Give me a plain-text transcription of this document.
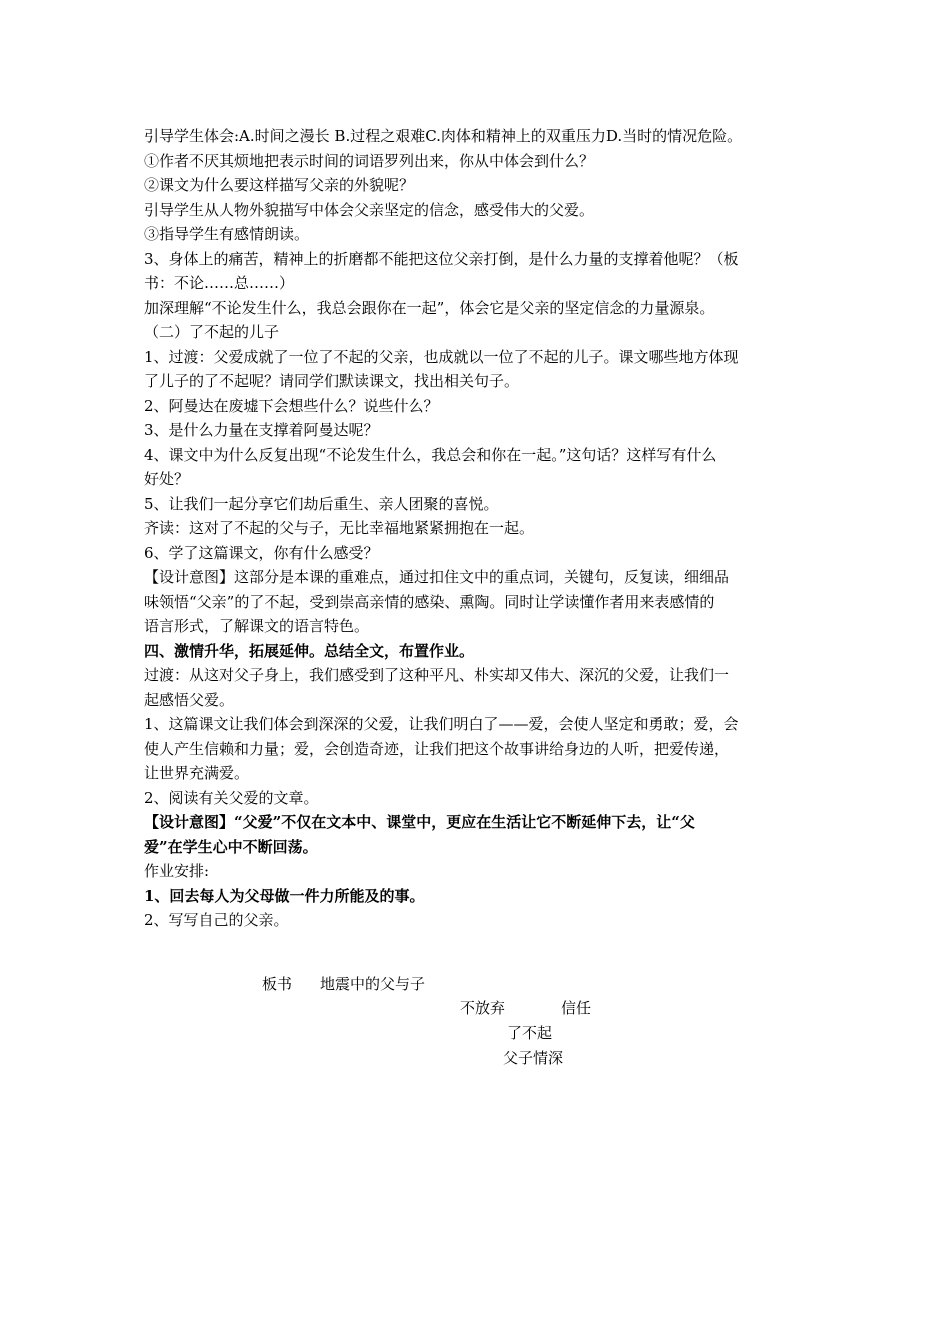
引导学生体会:A.时间之漫长 B.过程之艰难C.肉体和精神上的双重压力D.当时的情况危险。
①作者不厌其烦地把表示时间的词语罗列出来，你从中体会到什么？
②课文为什么要这样描写父亲的外貌呢？
引导学生从人物外貌描写中体会父亲坚定的信念，感受伟大的父爱。
③指导学生有感情朗读。
3、身体上的痛苦，精神上的折磨都不能把这位父亲打倒，是什么力量的支撑着他呢？（板
书：不论……总……）
加深理解“不论发生什么，我总会跟你在一起”，体会它是父亲的坚定信念的力量源泉。
（二）了不起的儿子
1、过渡：父爱成就了一位了不起的父亲，也成就以一位了不起的儿子。课文哪些地方体现
了儿子的了不起呢？请同学们默读课文，找出相关句子。
2、阿曼达在废墟下会想些什么？说些什么？
3、是什么力量在支撑着阿曼达呢？
4、课文中为什么反复出现“不论发生什么，我总会和你在一起。”这句话？这样写有什么
好处？
5、让我们一起分享它们劫后重生、亲人团聚的喜悦。
齐读：这对了不起的父与子，无比幸福地紧紧拥抱在一起。
6、学了这篇课文，你有什么感受？
【设计意图】这部分是本课的重难点，通过扣住文中的重点词，关键句，反复读，细细品
味领悟“父亲”的了不起，受到崇高亲情的感染、熏陶。同时让学读懂作者用来表感情的
语言形式，了解课文的语言特色。
四、激情升华，拓展延伸。总结全文，布置作业。
过渡：从这对父子身上，我们感受到了这种平凡、朴实却又伟大、深沉的父爱，让我们一
起感悟父爱。
1、这篇课文让我们体会到深深的父爱，让我们明白了——爱，会使人坚定和勇敢；爱，会
使人产生信赖和力量；爱，会创造奇迹，让我们把这个故事讲给身边的人听，把爱传递，
让世界充满爱。
2、阅读有关父爱的文章。
【设计意图】“父爱”不仅在文本中、课堂中，更应在生活让它不断延伸下去，让“父
爱”在学生心中不断回荡。
作业安排:
1、回去每人为父母做一件力所能及的事。
2、写写自己的父亲。
板书 地震中的父与子
不放弃	信任
了不起
父子情深
